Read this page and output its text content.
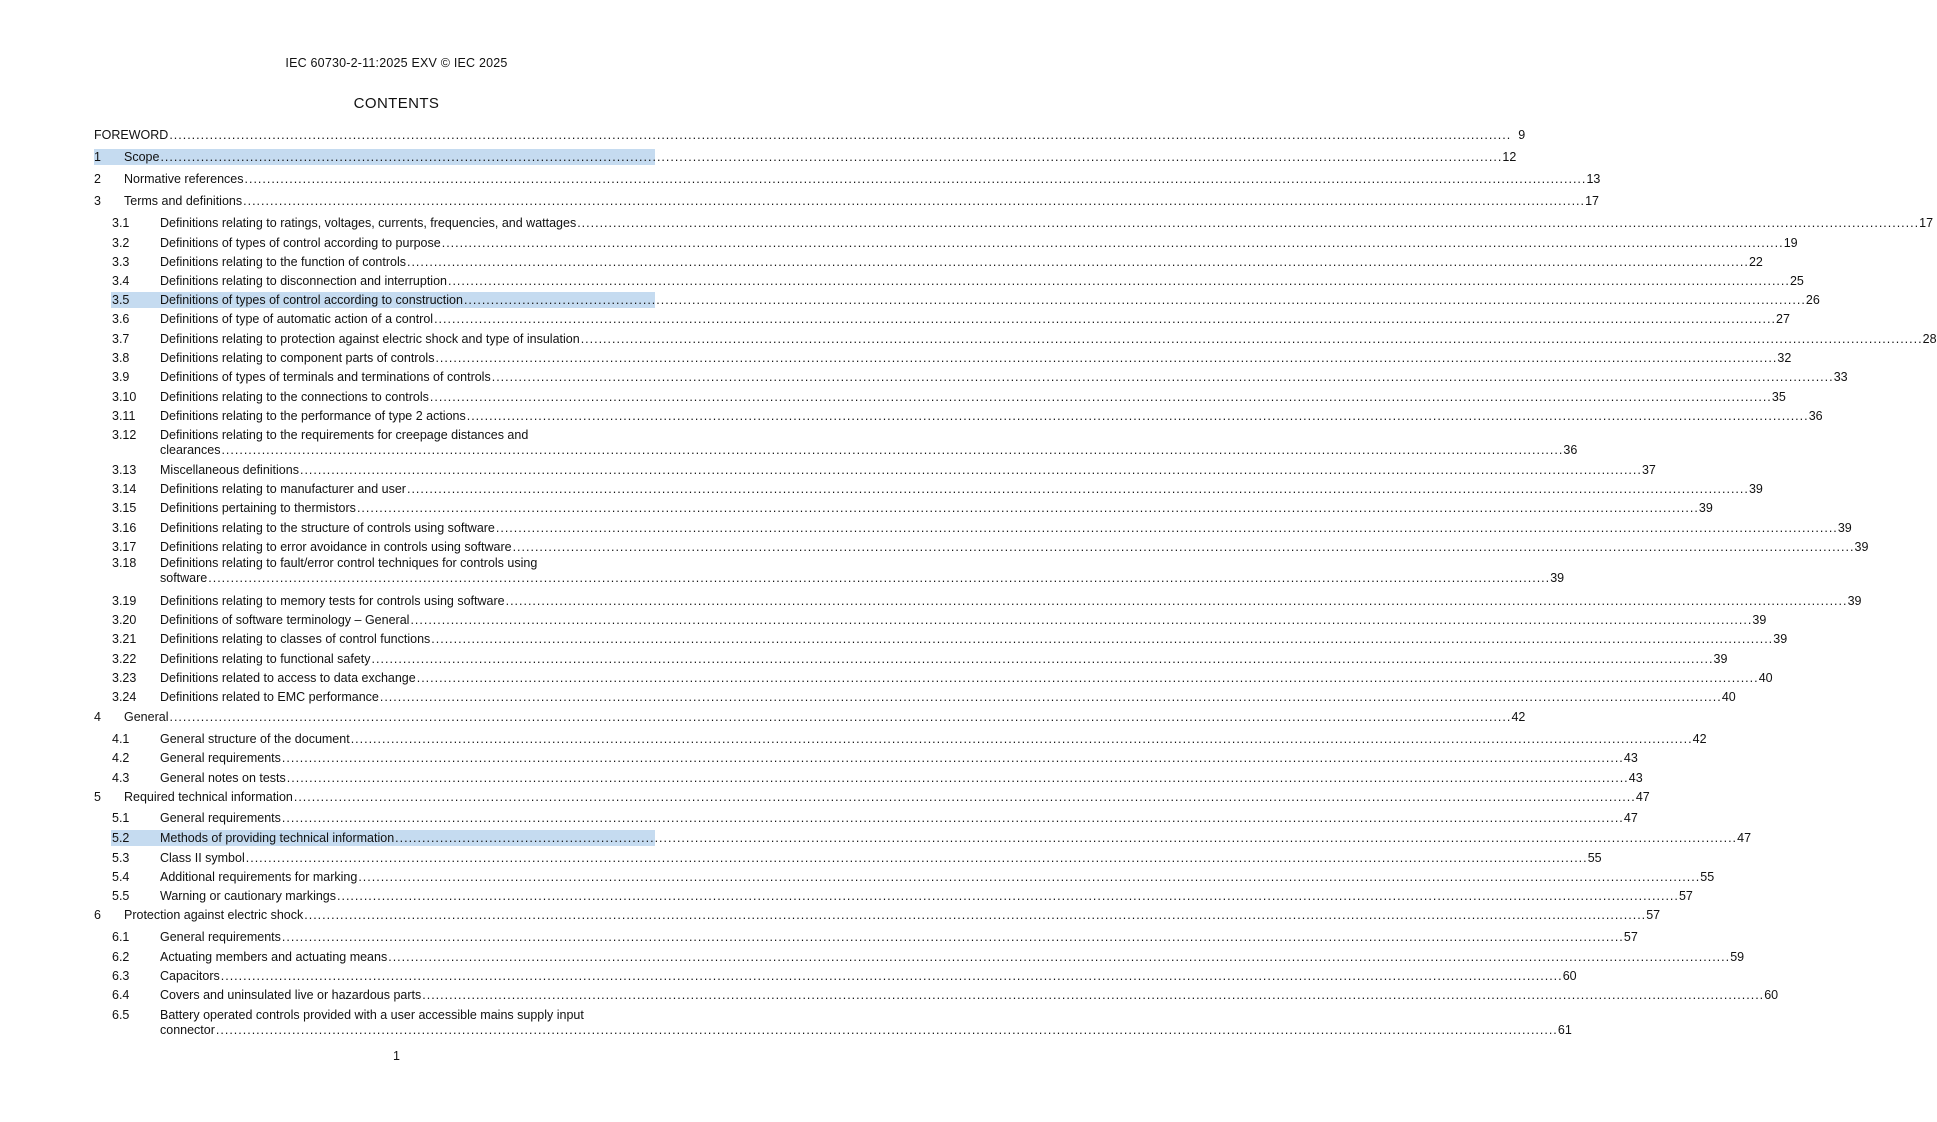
IEC 60730-2-11:2025 EXV © IEC 2025
CONTENTS
FOREWORD ............................................................................................................................................................................................................................................................................................................ 9
1 Scope ............................................................................................................................................................................................................................................................................................................ 12
2 Normative references ............................................................................................................................................................................................................................................................................................................ 13
3 Terms and definitions ............................................................................................................................................................................................................................................................................................................ 17
3.1 Definitions relating to ratings, voltages, currents, frequencies, and wattages ............................................................................................................................................................................................................................................................................................................ 17
3.2 Definitions of types of control according to purpose ............................................................................................................................................................................................................................................................................................................ 19
3.3 Definitions relating to the function of controls ............................................................................................................................................................................................................................................................................................................ 22
3.4 Definitions relating to disconnection and interruption ............................................................................................................................................................................................................................................................................................................ 25
3.5 Definitions of types of control according to construction ............................................................................................................................................................................................................................................................................................................ 26
3.6 Definitions of type of automatic action of a control ............................................................................................................................................................................................................................................................................................................ 27
3.7 Definitions relating to protection against electric shock and type of insulation ............................................................................................................................................................................................................................................................................................................ 28
3.8 Definitions relating to component parts of controls ............................................................................................................................................................................................................................................................................................................ 32
3.9 Definitions of types of terminals and terminations of controls ............................................................................................................................................................................................................................................................................................................ 33
3.10 Definitions relating to the connections to controls ............................................................................................................................................................................................................................................................................................................ 35
3.11 Definitions relating to the performance of type 2 actions ............................................................................................................................................................................................................................................................................................................ 36
3.12 Definitions relating to the requirements for creepage distances and
clearances ............................................................................................................................................................................................................................................................................................................ 36
3.13 Miscellaneous definitions ............................................................................................................................................................................................................................................................................................................ 37
3.14 Definitions relating to manufacturer and user ............................................................................................................................................................................................................................................................................................................ 39
3.15 Definitions pertaining to thermistors ............................................................................................................................................................................................................................................................................................................ 39
3.16 Definitions relating to the structure of controls using software ............................................................................................................................................................................................................................................................................................................ 39
3.17 Definitions relating to error avoidance in controls using software ............................................................................................................................................................................................................................................................................................................ 39
3.18 Definitions relating to fault/error control techniques for controls using
software ............................................................................................................................................................................................................................................................................................................ 39
3.19 Definitions relating to memory tests for controls using software ............................................................................................................................................................................................................................................................................................................ 39
3.20 Definitions of software terminology – General ............................................................................................................................................................................................................................................................................................................ 39
3.21 Definitions relating to classes of control functions ............................................................................................................................................................................................................................................................................................................ 39
3.22 Definitions relating to functional safety ............................................................................................................................................................................................................................................................................................................ 39
3.23 Definitions related to access to data exchange ............................................................................................................................................................................................................................................................................................................ 40
3.24 Definitions related to EMC performance ............................................................................................................................................................................................................................................................................................................ 40
4 General ............................................................................................................................................................................................................................................................................................................ 42
4.1 General structure of the document ............................................................................................................................................................................................................................................................................................................ 42
4.2 General requirements ............................................................................................................................................................................................................................................................................................................ 43
4.3 General notes on tests ............................................................................................................................................................................................................................................................................................................ 43
5 Required technical information ............................................................................................................................................................................................................................................................................................................ 47
5.1 General requirements ............................................................................................................................................................................................................................................................................................................ 47
5.2 Methods of providing technical information ............................................................................................................................................................................................................................................................................................................ 47
5.3 Class II symbol ............................................................................................................................................................................................................................................................................................................ 55
5.4 Additional requirements for marking ............................................................................................................................................................................................................................................................................................................ 55
5.5 Warning or cautionary markings ............................................................................................................................................................................................................................................................................................................ 57
6 Protection against electric shock ............................................................................................................................................................................................................................................................................................................ 57
6.1 General requirements ............................................................................................................................................................................................................................................................................................................ 57
6.2 Actuating members and actuating means ............................................................................................................................................................................................................................................................................................................ 59
6.3 Capacitors ............................................................................................................................................................................................................................................................................................................ 60
6.4 Covers and uninsulated live or hazardous parts ............................................................................................................................................................................................................................................................................................................ 60
6.5 Battery operated controls provided with a user accessible mains supply input
connector ............................................................................................................................................................................................................................................................................................................ 61
1
